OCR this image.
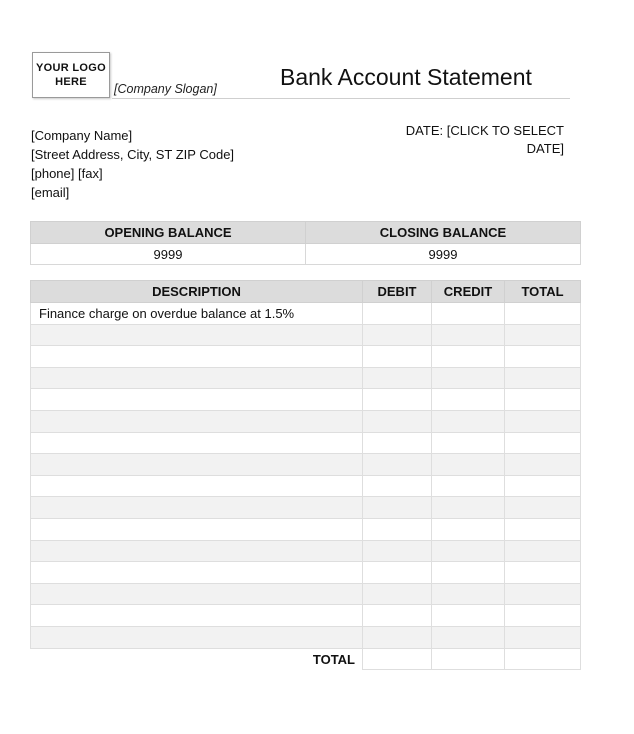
YOUR LOGO
HERE	[Company Slogan]	Bank Account Statement
[Company Name]
[Street Address, City, ST ZIP Code]
[phone] [fax]
[email]
DATE: [CLICK TO SELECT
DATE]
OPENING BALANCE	CLOSING BALANCE
9999	9999
DESCRIPTION	DEBIT	CREDIT	TOTAL
Finance charge on overdue balance at 1.5%			

TOTAL			
